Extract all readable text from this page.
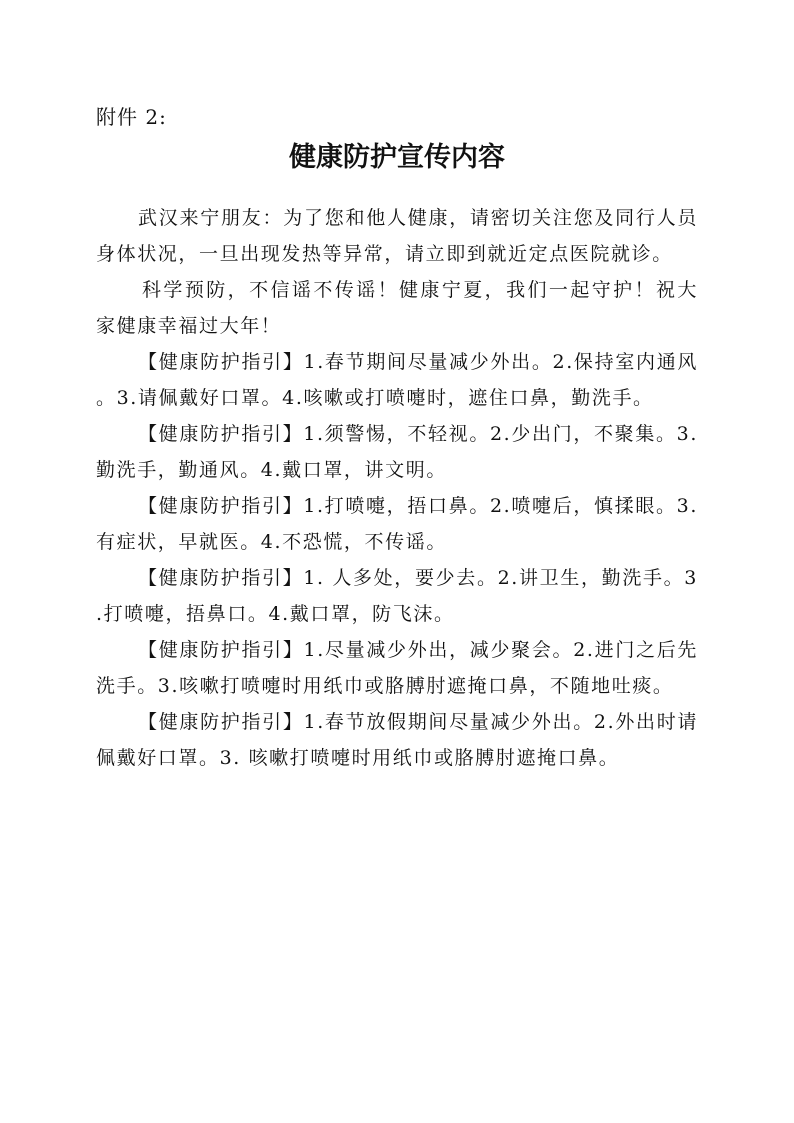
附件 2:
健康防护宣传内容

武汉来宁朋友：为了您和他人健康，请密切关注您及同行人员身体状况，一旦出现发热等异常，请立即到就近定点医院就诊。

科学预防，不信谣不传谣！健康宁夏，我们一起守护！祝大家健康幸福过大年！

【健康防护指引】1.春节期间尽量减少外出。2.保持室内通风。3.请佩戴好口罩。4.咳嗽或打喷嚏时，遮住口鼻，勤洗手。

【健康防护指引】1.须警惕，不轻视。2.少出门，不聚集。3.勤洗手，勤通风。4.戴口罩，讲文明。

【健康防护指引】1.打喷嚏，捂口鼻。2.喷嚏后，慎揉眼。3.有症状，早就医。4.不恐慌，不传谣。

【健康防护指引】1. 人多处，要少去。2.讲卫生，勤洗手。3.打喷嚏，捂鼻口。4.戴口罩，防飞沫。

【健康防护指引】1.尽量减少外出，减少聚会。2.进门之后先洗手。3.咳嗽打喷嚏时用纸巾或胳膊肘遮掩口鼻，不随地吐痰。

【健康防护指引】1.春节放假期间尽量减少外出。2.外出时请佩戴好口罩。3. 咳嗽打喷嚏时用纸巾或胳膊肘遮掩口鼻。
